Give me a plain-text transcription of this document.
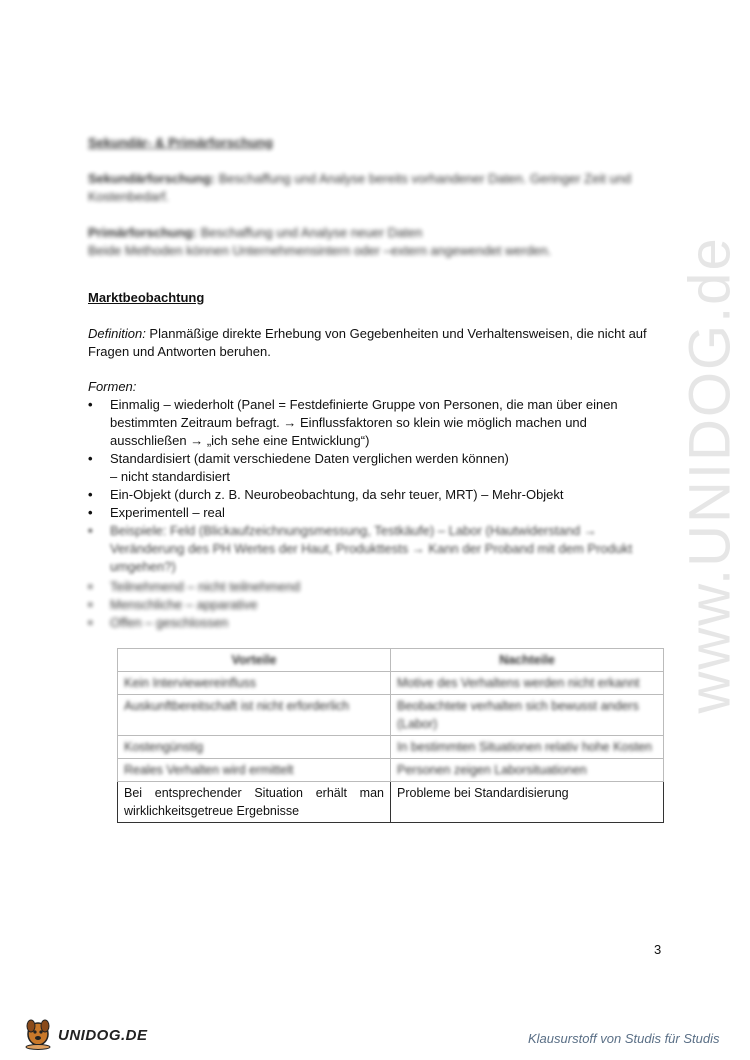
www.UNIDOG.de

Sekundär- & Primärforschung

Sekundärforschung: Beschaffung und Analyse bereits vorhandener Daten. Geringer Zeit und Kostenbedarf.

Primärforschung: Beschaffung und Analyse neuer Daten
Beide Methoden können Unternehmensintern oder –extern angewendet werden.

Marktbeobachtung
Definition: Planmäßige direkte Erhebung von Gegebenheiten und Verhaltensweisen, die nicht auf Fragen und Antworten beruhen.
Formen:
•	Einmalig – wiederholt (Panel = Festdefinierte Gruppe von Personen, die man über einen
bestimmten Zeitraum befragt. → Einflussfaktoren so klein wie möglich machen und
ausschließen → „ich sehe eine Entwicklung“)
•	Standardisiert (damit verschiedene Daten verglichen werden können)
– nicht standardisiert
•	Ein-Objekt (durch z. B. Neurobeobachtung, da sehr teuer, MRT) – Mehr-Objekt
•	Experimentell – real
•	Beispiele: Feld (Blickaufzeichnungsmessung, Testkäufe) – Labor (Hautwiderstand →
Veränderung des PH Wertes der Haut, Produkttests → Kann der Proband mit dem Produkt
umgehen?)
•	Teilnehmend – nicht teilnehmend
•	Menschliche – apparative
•	Offen – geschlossen
Vorteile	Nachteile
Kein Interviewereinfluss	Motive des Verhaltens werden nicht erkannt
Auskunftbereitschaft ist nicht erforderlich	Beobachtete verhalten sich bewusst anders (Labor)
Kostengünstig	In bestimmten Situationen relativ hohe Kosten
Reales Verhalten wird ermittelt	Personen zeigen Laborsituationen
Bei entsprechender Situation erhält man wirklichkeitsgetreue Ergebnisse	Probleme bei Standardisierung
3
UNIDOG.DE	Klausurstoff von Studis für Studis
